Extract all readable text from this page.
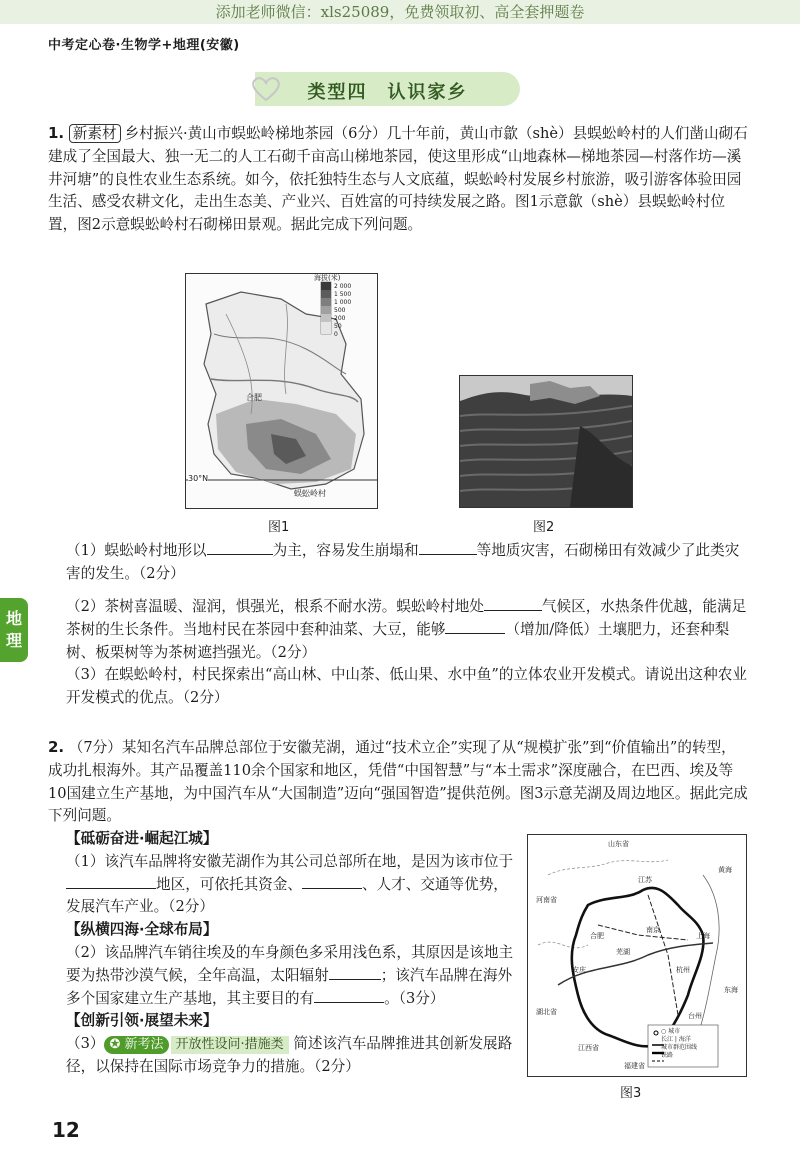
添加老师微信：xls25089，免费领取初、高全套押题卷
中考定心卷·生物学+地理(安徽)
类型四　认识家乡
1. 新素材 乡村振兴·黄山市蜈蚣岭梯地茶园（6分）几十年前，黄山市歙（shè）县蜈蚣岭村的人们凿山砌石建成了全国最大、独一无二的人工石砌千亩高山梯地茶园，使这里形成“山地森林—梯地茶园—村落作坊—溪井河塘”的良性农业生态系统。如今，依托独特生态与人文底蕴，蜈蚣岭村发展乡村旅游，吸引游客体验田园生活、感受农耕文化，走出生态美、产业兴、百姓富的可持续发展之路。图1示意歙（shè）县蜈蚣岭村位置，图2示意蜈蚣岭村石砌梯田景观。据此完成下列问题。
海拔(米)
2 000
1 500
1 000
500
200
50
0
合肥
30°N
蜈蚣岭村
图1	图2
（1）蜈蚣岭村地形以	为主，容易发生崩塌和	等地质灾害，石砌梯田有效减少了此类灾害的发生。（2分）
（2）茶树喜温暖、湿润，惧强光，根系不耐水涝。蜈蚣岭村地处	气候区，水热条件优越，能满足茶树的生长条件。当地村民在茶园中套种油菜、大豆，能够	（增加/降低）土壤肥力，还套种梨树、板栗树等为茶树遮挡强光。（2分）
（3）在蜈蚣岭村，村民探索出“高山林、中山茶、低山果、水中鱼”的立体农业开发模式。请说出这种农业开发模式的优点。（2分）
地理
2. （7分）某知名汽车品牌总部位于安徽芜湖，通过“技术立企”实现了从“规模扩张”到“价值输出”的转型，成功扎根海外。其产品覆盖110余个国家和地区，凭借“中国智慧”与“本土需求”深度融合，在巴西、埃及等10国建立生产基地，为中国汽车从“大国制造”迈向“强国智造”提供范例。图3示意芜湖及周边地区。据此完成下列问题。
【砥砺奋进·崛起江城】
（1）该汽车品牌将安徽芜湖作为其公司总部所在地，是因为该市位于地区，可依托其资金、	、人才、交通等优势，发展汽车产业。（2分）
【纵横四海·全球布局】
（2）该品牌汽车销往埃及的车身颜色多采用浅色系，其原因是该地主要为热带沙漠气候，全年高温，太阳辐射	；该汽车品牌在海外多个国家建立生产基地，其主要目的有	。（3分）
【创新引领·展望未来】
（3） ✪ 新考法 开放性设问·措施类 简述该汽车品牌推进其创新发展路径，以保持在国际市场竞争力的措施。（2分）
山东省
河南省
湖北省
黄海
江苏
合肥
芜湖
南京
上海
杭州
安庆
台州
东海
江西省
福建省
○ 城市
长江 | 海洋
城市群范围线
铁路
图3
12
